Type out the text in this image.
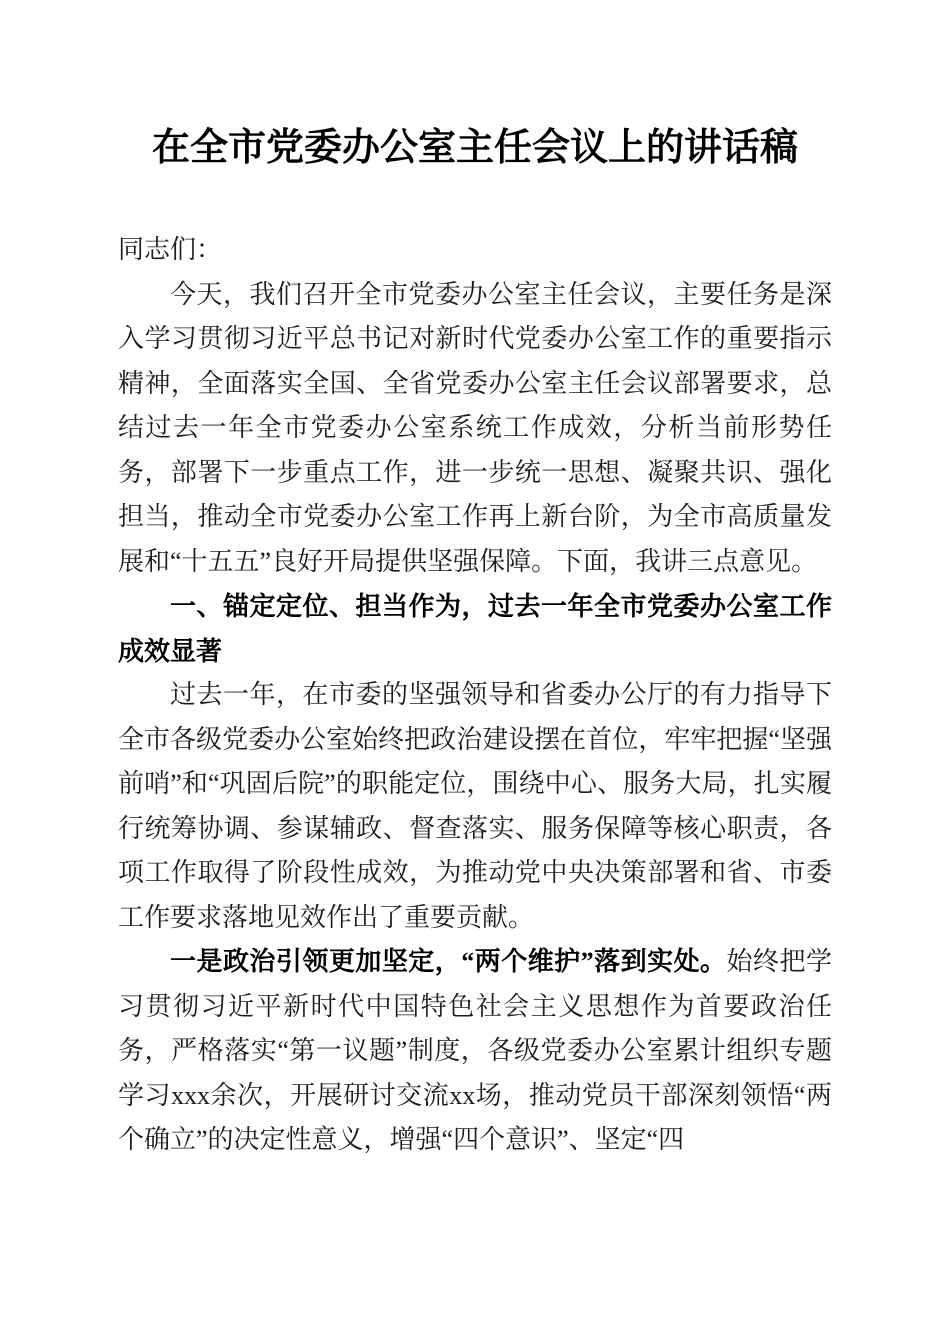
在全市党委办公室主任会议上的讲话稿

同志们：

今天，我们召开全市党委办公室主任会议，主要任务是深入学习贯彻习近平总书记对新时代党委办公室工作的重要指示精神，全面落实全国、全省党委办公室主任会议部署要求，总结过去一年全市党委办公室系统工作成效，分析当前形势任务，部署下一步重点工作，进一步统一思想、凝聚共识、强化担当，推动全市党委办公室工作再上新台阶，为全市高质量发展和“十五五”良好开局提供坚强保障。下面，我讲三点意见。

一、锚定定位、担当作为，过去一年全市党委办公室工作成效显著

过去一年，在市委的坚强领导和省委办公厅的有力指导下全市各级党委办公室始终把政治建设摆在首位，牢牢把握“坚强前哨”和“巩固后院”的职能定位，围绕中心、服务大局，扎实履行统筹协调、参谋辅政、督查落实、服务保障等核心职责，各项工作取得了阶段性成效，为推动党中央决策部署和省、市委工作要求落地见效作出了重要贡献。

一是政治引领更加坚定，“两个维护”落到实处。始终把学习贯彻习近平新时代中国特色社会主义思想作为首要政治任务，严格落实“第一议题”制度，各级党委办公室累计组织专题学习xxx余次，开展研讨交流xx场，推动党员干部深刻领悟“两个确立”的决定性意义，增强“四个意识”、坚定“四
